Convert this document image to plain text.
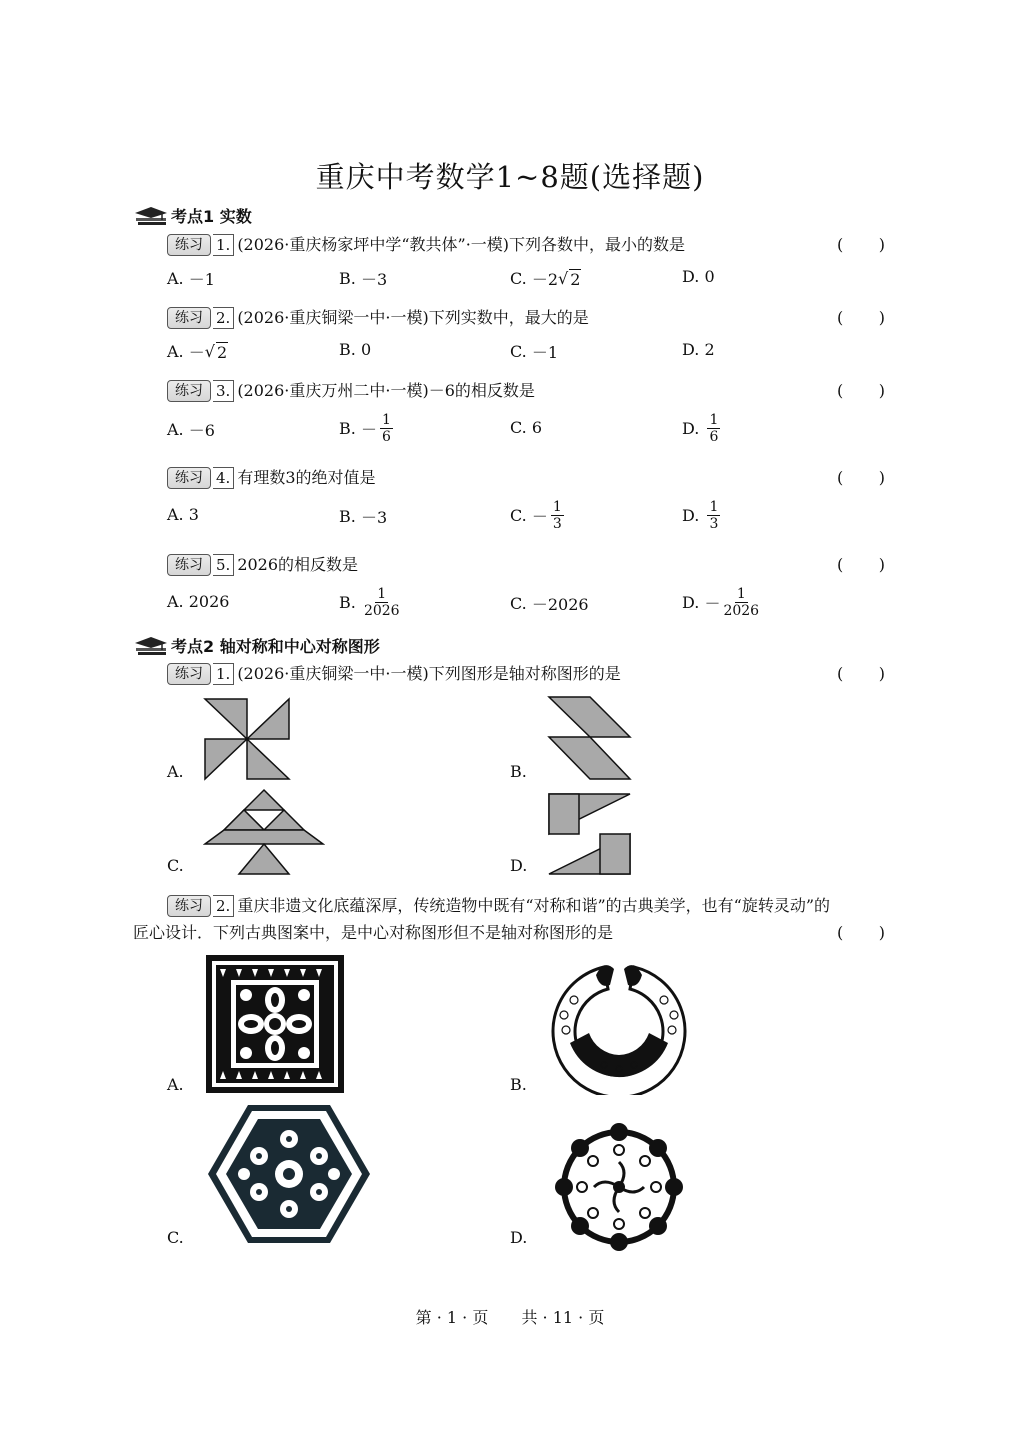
重庆中考数学1~8题(选择题)
考点1 实数
练习 1. (2026·重庆杨家坪中学“教共体”·一模)下列各数中，最小的数是	( )
A.
－1	B.
－3	C.
－2 √ 2	D.
0
练习 2. (2026·重庆铜梁一中·一模)下列实数中，最大的是	( )
A.
－ √ 2	B.
0	C.
－1	D.
2
练习 3. (2026·重庆万州二中·一模)－6的相反数是	( )
A.
－6	B.
－ $\frac{1}{6}$	C.
6	D.
$\frac{1}{6}$
练习 4. 有理数3的绝对值是	( )
A.
3	B.
－3	C.
－ $\frac{1}{3}$	D.
$\frac{1}{3}$
练习 5. 2026的相反数是	( )
A.
2026	B.
$\frac{1}{2026}$	C.
－2026	D.
－ $\frac{1}{2026}$
考点2 轴对称和中心对称图形
练习 1. (2026·重庆铜梁一中·一模)下列图形是轴对称图形的是	( )
A.	B.
C.	D.
练习 2. 重庆非遗文化底蕴深厚，传统造物中既有“对称和谐”的古典美学，也有“旋转灵动”的
匠心设计．下列古典图案中，是中心对称图形但不是轴对称图形的是	( )
A.	B.
C.	D.
第 · 1 · 页 共 · 11 · 页
